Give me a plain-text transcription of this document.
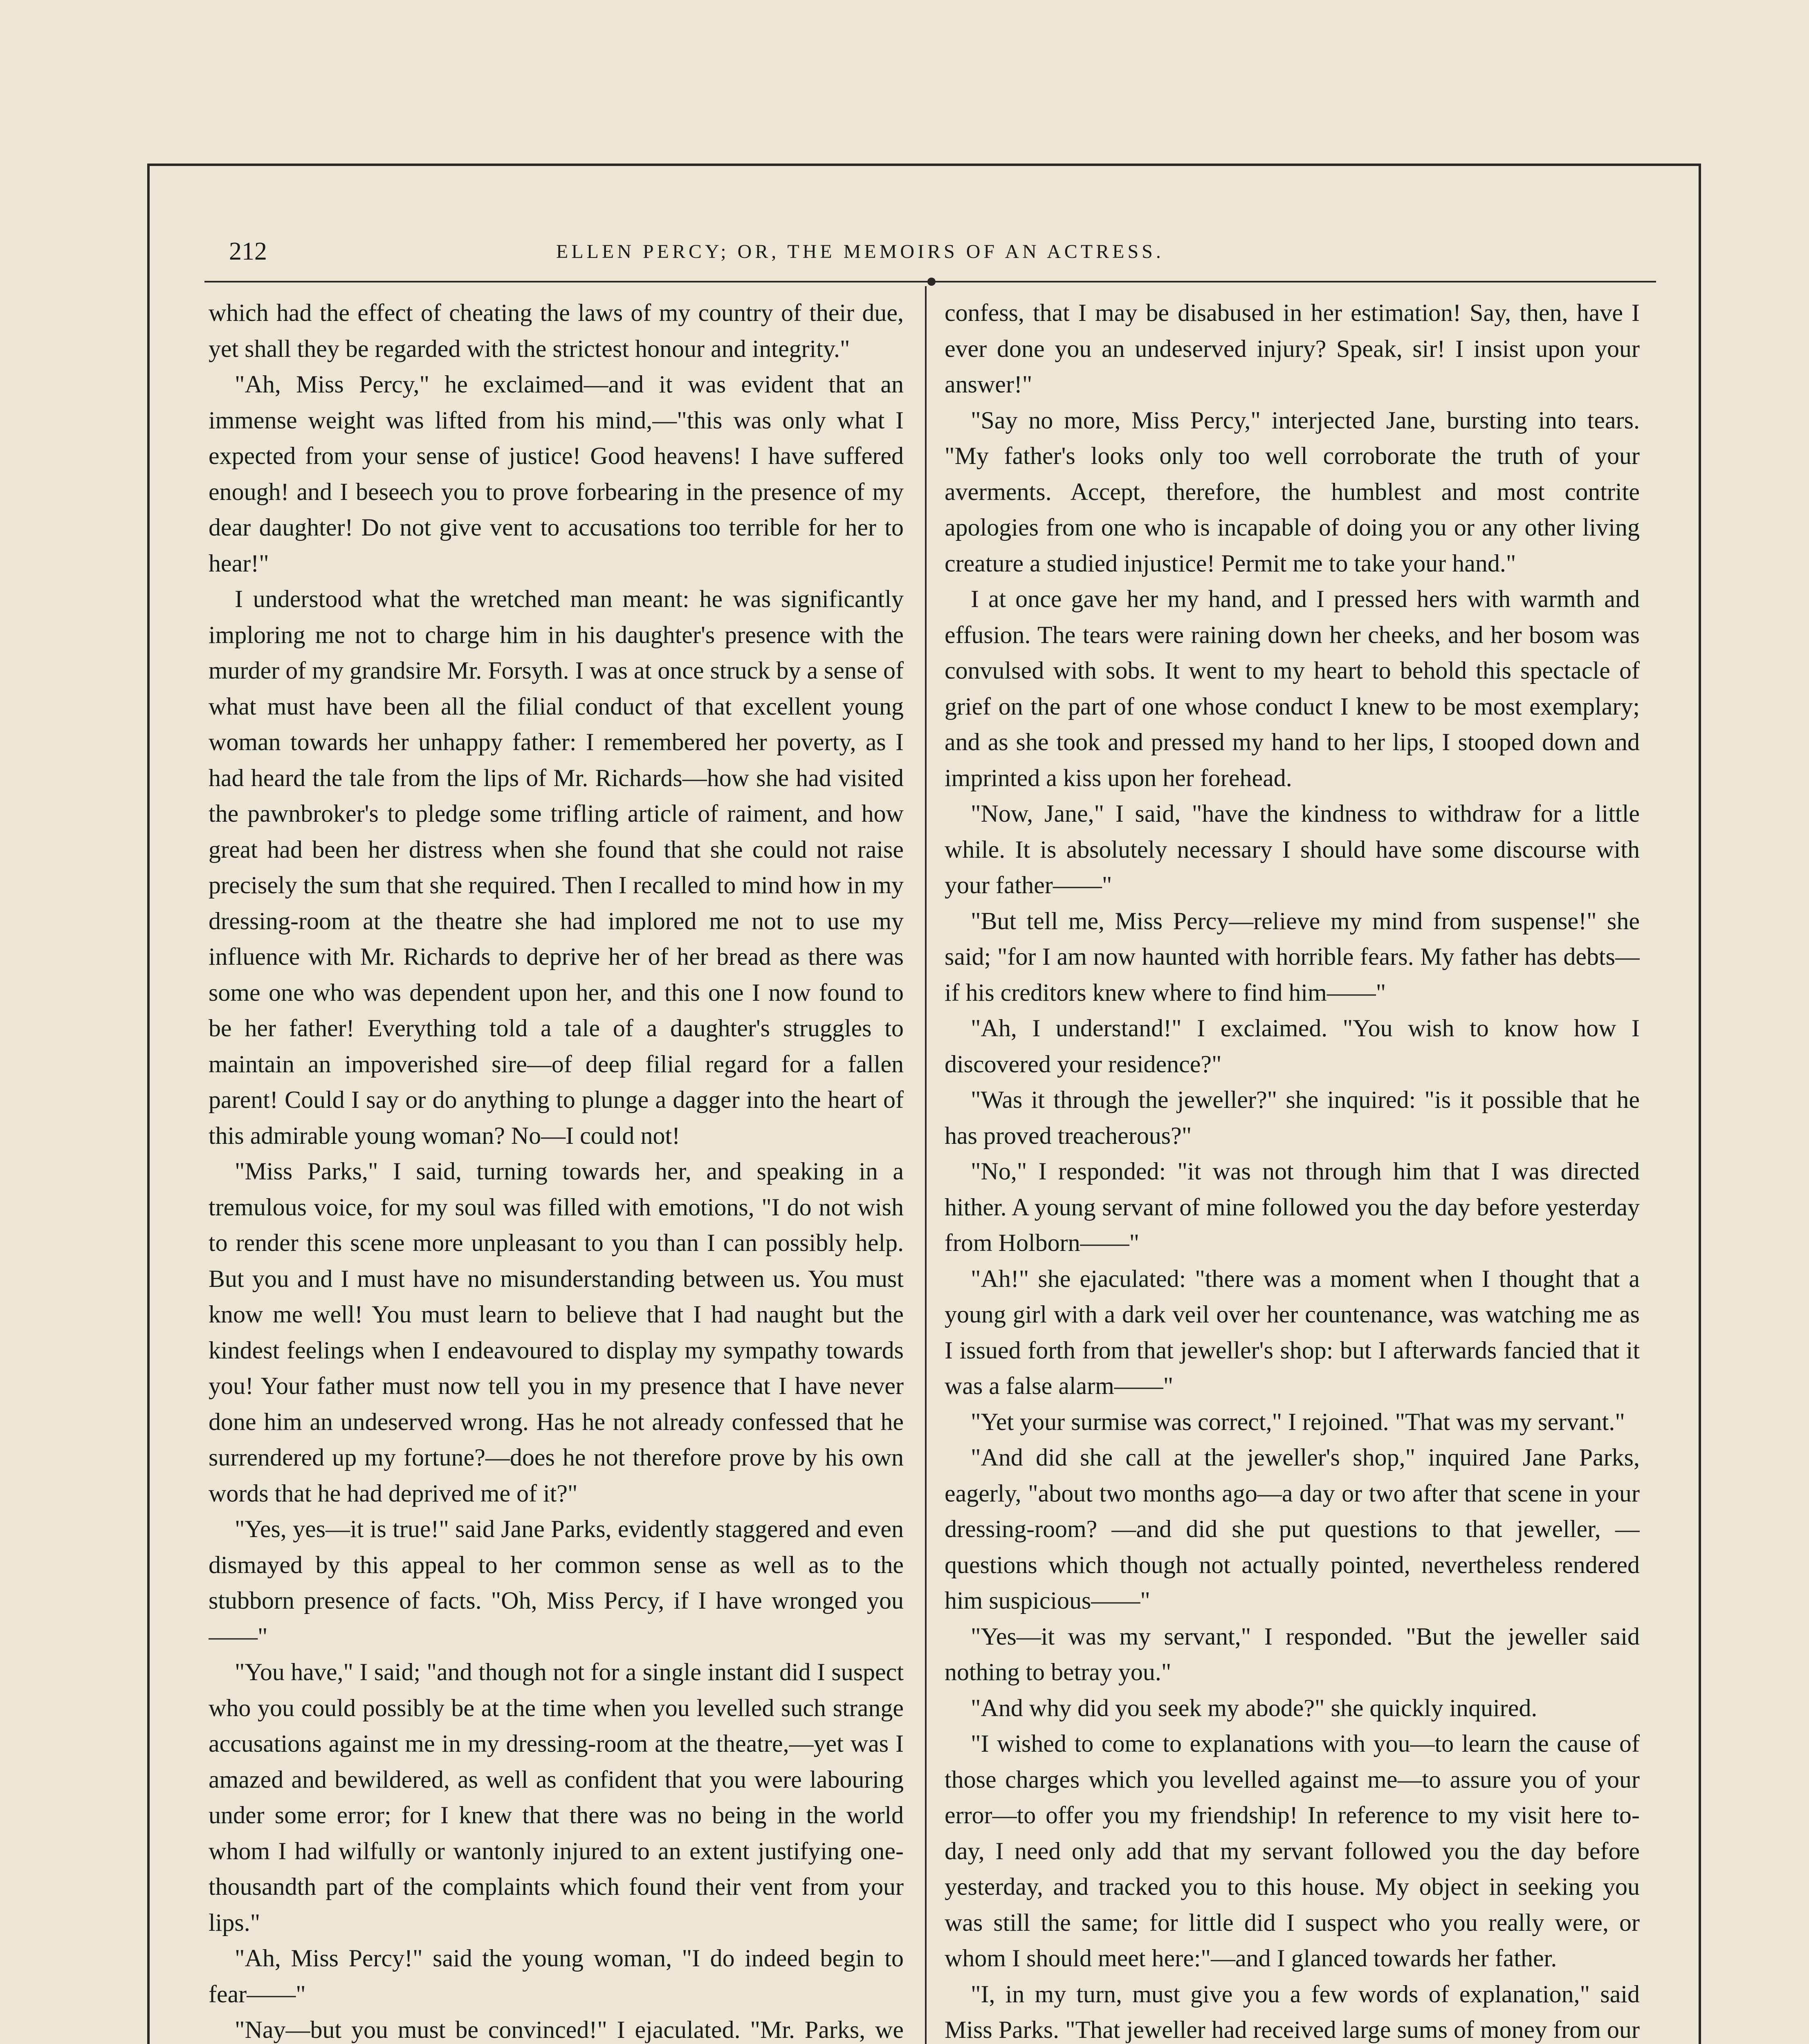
212	ELLEN PERCY; OR, THE MEMOIRS OF AN ACTRESS.

which had the effect of cheating the laws of my country of their due, yet shall they be regarded with the strictest honour and integrity."

"Ah, Miss Percy," he exclaimed—and it was evident that an immense weight was lifted from his mind,—"this was only what I expected from your sense of justice! Good heavens! I have suffered enough! and I beseech you to prove forbearing in the presence of my dear daughter! Do not give vent to accusations too terrible for her to hear!"

I understood what the wretched man meant: he was significantly imploring me not to charge him in his daughter's presence with the murder of my grandsire Mr. Forsyth. I was at once struck by a sense of what must have been all the filial conduct of that excellent young woman towards her unhappy father: I remembered her poverty, as I had heard the tale from the lips of Mr. Richards—how she had visited the pawnbroker's to pledge some trifling article of raiment, and how great had been her distress when she found that she could not raise precisely the sum that she required. Then I recalled to mind how in my dressing-room at the theatre she had implored me not to use my influence with Mr. Richards to deprive her of her bread as there was some one who was dependent upon her, and this one I now found to be her father! Everything told a tale of a daughter's struggles to maintain an impoverished sire—of deep filial regard for a fallen parent! Could I say or do anything to plunge a dagger into the heart of this admirable young woman? No—I could not!

"Miss Parks," I said, turning towards her, and speaking in a tremulous voice, for my soul was filled with emotions, "I do not wish to render this scene more unpleasant to you than I can possibly help. But you and I must have no misunderstanding between us. You must know me well! You must learn to believe that I had naught but the kindest feelings when I endeavoured to display my sympathy towards you! Your father must now tell you in my presence that I have never done him an undeserved wrong. Has he not already confessed that he surrendered up my fortune?—does he not therefore prove by his own words that he had deprived me of it?"

"Yes, yes—it is true!" said Jane Parks, evidently staggered and even dismayed by this appeal to her common sense as well as to the stubborn presence of facts. "Oh, Miss Percy, if I have wronged you——"

"You have," I said; "and though not for a single instant did I suspect who you could possibly be at the time when you levelled such strange accusations against me in my dressing-room at the theatre,—yet was I amazed and bewildered, as well as confident that you were labouring under some error; for I knew that there was no being in the world whom I had wilfully or wantonly injured to an extent justifying one-thousandth part of the complaints which found their vent from your lips."

"Ah, Miss Percy!" said the young woman, "I do indeed begin to fear——"

"Nay—but you must be convinced!" I ejaculated. "Mr. Parks, we

confess, that I may be disabused in her estimation! Say, then, have I ever done you an undeserved injury? Speak, sir! I insist upon your answer!"

"Say no more, Miss Percy," interjected Jane, bursting into tears. "My father's looks only too well corroborate the truth of your averments. Accept, therefore, the humblest and most contrite apologies from one who is incapable of doing you or any other living creature a studied injustice! Permit me to take your hand."

I at once gave her my hand, and I pressed hers with warmth and effusion. The tears were raining down her cheeks, and her bosom was convulsed with sobs. It went to my heart to behold this spectacle of grief on the part of one whose conduct I knew to be most exemplary; and as she took and pressed my hand to her lips, I stooped down and imprinted a kiss upon her forehead.

"Now, Jane," I said, "have the kindness to withdraw for a little while. It is absolutely necessary I should have some discourse with your father——"

"But tell me, Miss Percy—relieve my mind from suspense!" she said; "for I am now haunted with horrible fears. My father has debts—if his creditors knew where to find him——"

"Ah, I understand!" I exclaimed. "You wish to know how I discovered your residence?"

"Was it through the jeweller?" she inquired: "is it possible that he has proved treacherous?"

"No," I responded: "it was not through him that I was directed hither. A young servant of mine followed you the day before yesterday from Holborn——"

"Ah!" she ejaculated: "there was a moment when I thought that a young girl with a dark veil over her countenance, was watching me as I issued forth from that jeweller's shop: but I afterwards fancied that it was a false alarm——"

"Yet your surmise was correct," I rejoined. "That was my servant."

"And did she call at the jeweller's shop," inquired Jane Parks, eagerly, "about two months ago—a day or two after that scene in your dressing-room? —and did she put questions to that jeweller, —questions which though not actually pointed, nevertheless rendered him suspicious——"

"Yes—it was my servant," I responded. "But the jeweller said nothing to betray you."

"And why did you seek my abode?" she quickly inquired.

"I wished to come to explanations with you—to learn the cause of those charges which you levelled against me—to assure you of your error—to offer you my friendship! In reference to my visit here to-day, I need only add that my servant followed you the day before yesterday, and tracked you to this house. My object in seeking you was still the same; for little did I suspect who you really were, or whom I should meet here:"—and I glanced towards her father.

"I, in my turn, must give you a few words of explanation," said Miss Parks. "That jeweller had received large sums of money from our
